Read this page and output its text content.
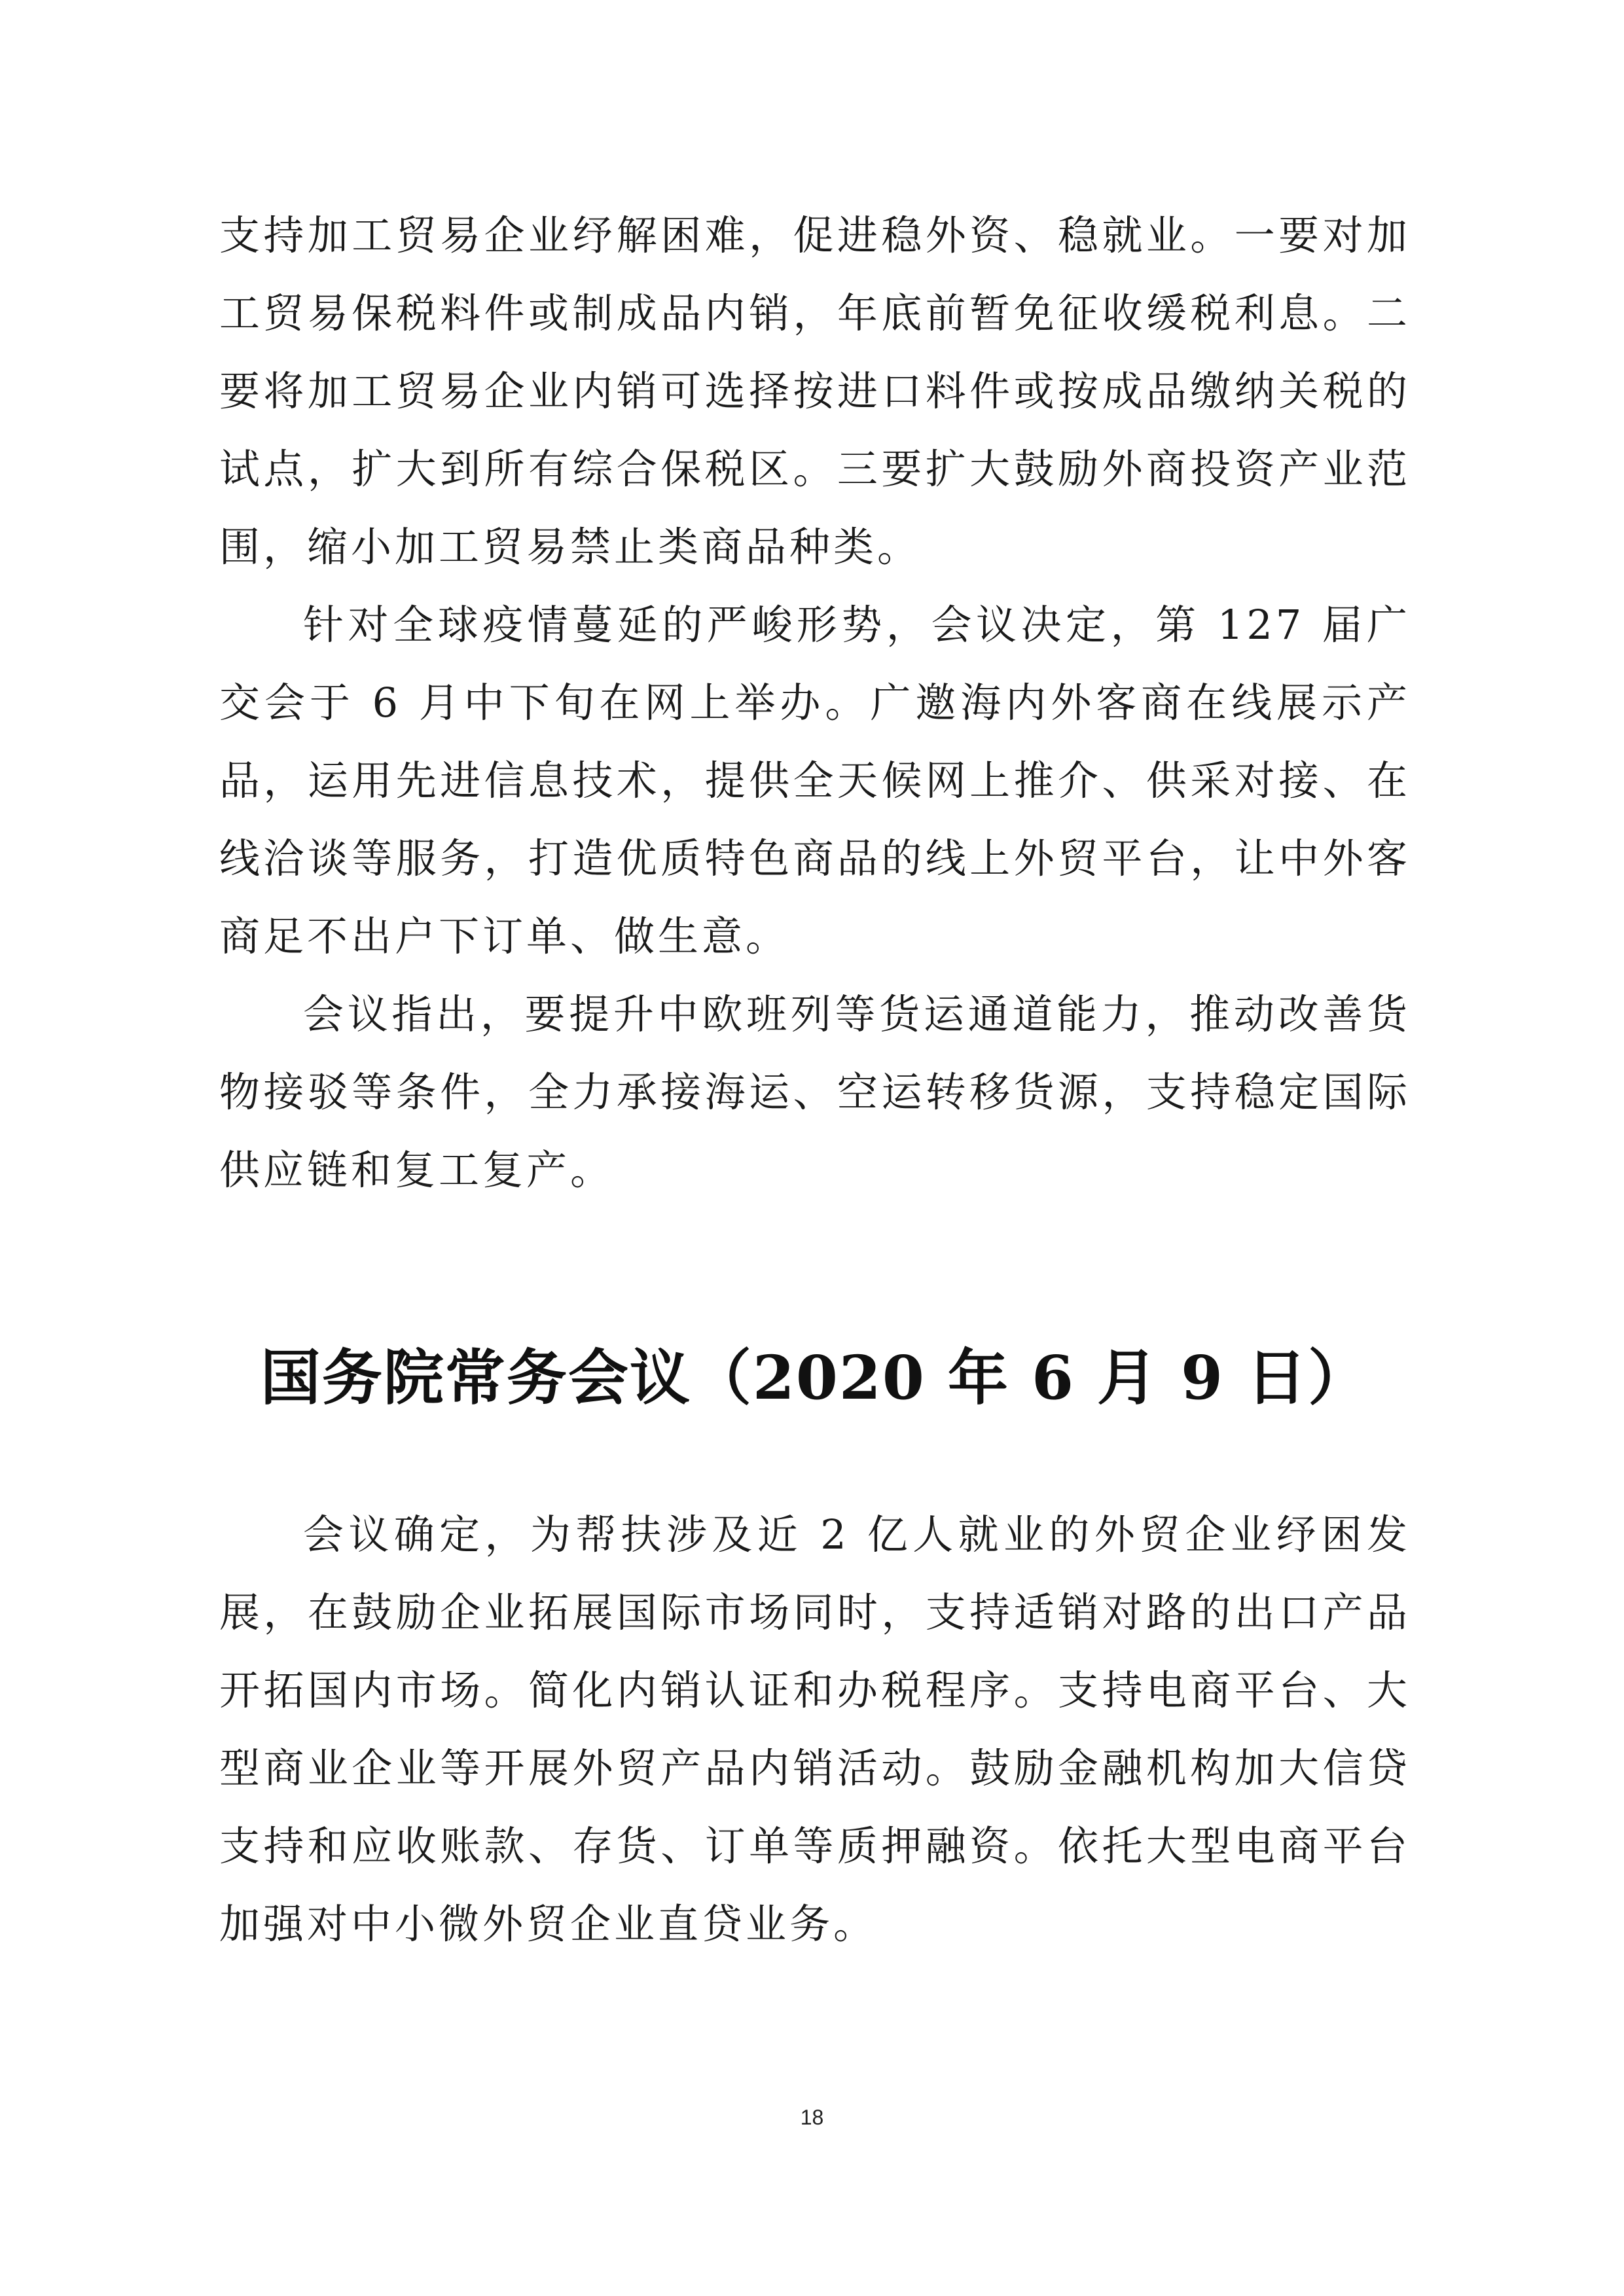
支持加工贸易企业纾解困难，促进稳外资、稳就业。一要对加工贸易保税料件或制成品内销，年底前暂免征收缓税利息。二要将加工贸易企业内销可选择按进口料件或按成品缴纳关税的试点，扩大到所有综合保税区。三要扩大鼓励外商投资产业范围，缩小加工贸易禁止类商品种类。

针对全球疫情蔓延的严峻形势，会议决定，第 127 届广交会于 6 月中下旬在网上举办。广邀海内外客商在线展示产品，运用先进信息技术，提供全天候网上推介、供采对接、在线洽谈等服务，打造优质特色商品的线上外贸平台，让中外客商足不出户下订单、做生意。

会议指出，要提升中欧班列等货运通道能力，推动改善货物接驳等条件，全力承接海运、空运转移货源，支持稳定国际供应链和复工复产。

国务院常务会议（2020 年 6 月 9 日）

会议确定，为帮扶涉及近 2 亿人就业的外贸企业纾困发展，在鼓励企业拓展国际市场同时，支持适销对路的出口产品开拓国内市场。简化内销认证和办税程序。支持电商平台、大型商业企业等开展外贸产品内销活动。鼓励金融机构加大信贷支持和应收账款、存货、订单等质押融资。依托大型电商平台加强对中小微外贸企业直贷业务。

18
